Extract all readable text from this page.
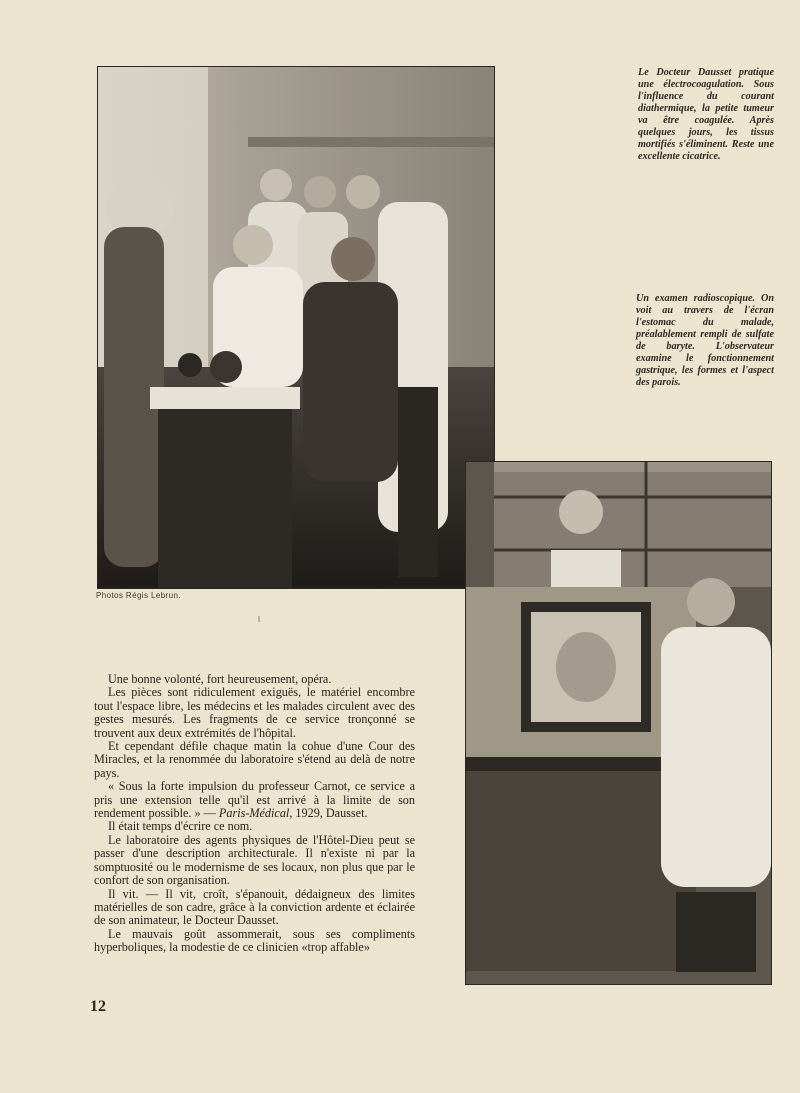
Le Docteur Dausset pratique une électrocoagulation. Sous l'influence du courant diathermique, la petite tumeur va être coagulée. Après quelques jours, les tissus mortifiés s'éliminent. Reste une excellente cicatrice.
Un examen radioscopique. On voit au travers de l'écran l'estomac du malade, préalablement rempli de sulfate de baryte. L'observateur examine le fonctionnement gastrique, les formes et l'aspect des parois.
Photos Régis Lebrun.

Une bonne volonté, fort heureusement, opéra.

Les pièces sont ridiculement exiguës, le matériel encombre tout l'espace libre, les médecins et les malades circulent avec des gestes mesurés. Les fragments de ce service tronçonné se trouvent aux deux extrémités de l'hôpital.

Et cependant défile chaque matin la cohue d'une Cour des Miracles, et la renommée du laboratoire s'étend au delà de notre pays.

« Sous la forte impulsion du professeur Carnot, ce service a pris une extension telle qu'il est arrivé à la limite de son rendement possible. » — Paris-Médical, 1929, Dausset.

Il était temps d'écrire ce nom.

Le laboratoire des agents physiques de l'Hôtel-Dieu peut se passer d'une description architecturale. Il n'existe ni par la somptuosité ou le modernisme de ses locaux, non plus que par le confort de son organisation.

Il vit. — Il vit, croît, s'épanouit, dédaigneux des limites matérielles de son cadre, grâce à la conviction ardente et éclairée de son animateur, le Docteur Dausset.

Le mauvais goût assommerait, sous ses compliments hyperboliques, la modestie de ce clinicien «trop affable»

12
